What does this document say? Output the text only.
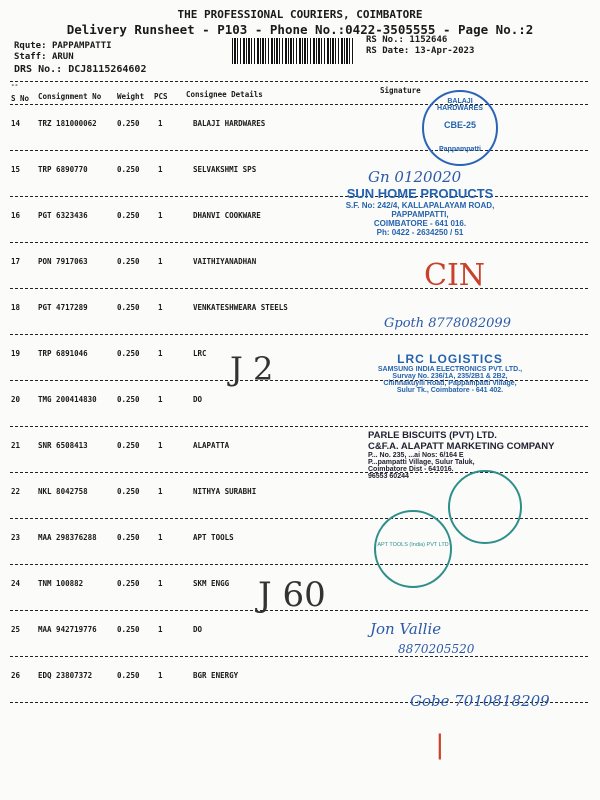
THE PROFESSIONAL COURIERS, COIMBATORE
Delivery Runsheet - P103 - Phone No.:0422-3505555 - Page No.:2
Rqute: PAPPAMPATTI
Staff: ARUN
DRS No.: DCJ8115264602
RS No.: 1152646
RS Date: 13-Apr-2023
--
S No Consignment No Weight PCS Consignee Details	Signature
14 TRZ 181000062	0.250 1	BALAJI HARDWARES
15 TRP 6890770	0.250 1	SELVAKSHMI SPS
16 PGT 6323436	0.250 1	DHANVI COOKWARE
17 PON 7917063	0.250 1	VAITHIYANADHAN
18 PGT 4717289	0.250 1	VENKATESHWEARA STEELS
19 TRP 6891046	0.250 1	LRC
20 TMG 200414830	0.250 1	DO
21 SNR 6508413	0.250 1	ALAPATTA
22 NKL 8042758	0.250 1	NITHYA SURABHI
23 MAA 298376288	0.250 1	APT TOOLS
24 TNM 100882	0.250 1	SKM ENGG
25 MAA 942719776	0.250 1	DO
26 EDQ 23807372	0.250 1	BGR ENERGY
BALAJI HARDWARES
CBE-25
Pappampatti
Gn 0120020
SUN HOME PRODUCTS
S.F. No: 242/4, KALLAPALAYAM ROAD,
PAPPAMPATTI,
COIMBATORE - 641 016.
Ph: 0422 - 2634250 / 51
CIN
Gpoth 8778082099
LRC LOGISTICS
SAMSUNG INDIA ELECTRONICS PVT. LTD.,
Survay No. 236/1A, 235/2B1 & 2B2,
Chinnakuyili Road, Pappampatti Village,
Sulur Tk., Coimbatore - 641 402.
J 2
PARLE BISCUITS (PVT) LTD.
C&F.A. ALAPATT MARKETING COMPANY
P... No. 235, ...ai Nos: 6/164 E
P...pampatti Village, Sulur Taluk,
Coimbatore Dist - 641016.
96553 60244
APT TOOLS (India) PVT LTD
J 60
Jon Vallie
8870205520
Gobe 7010818209
|
